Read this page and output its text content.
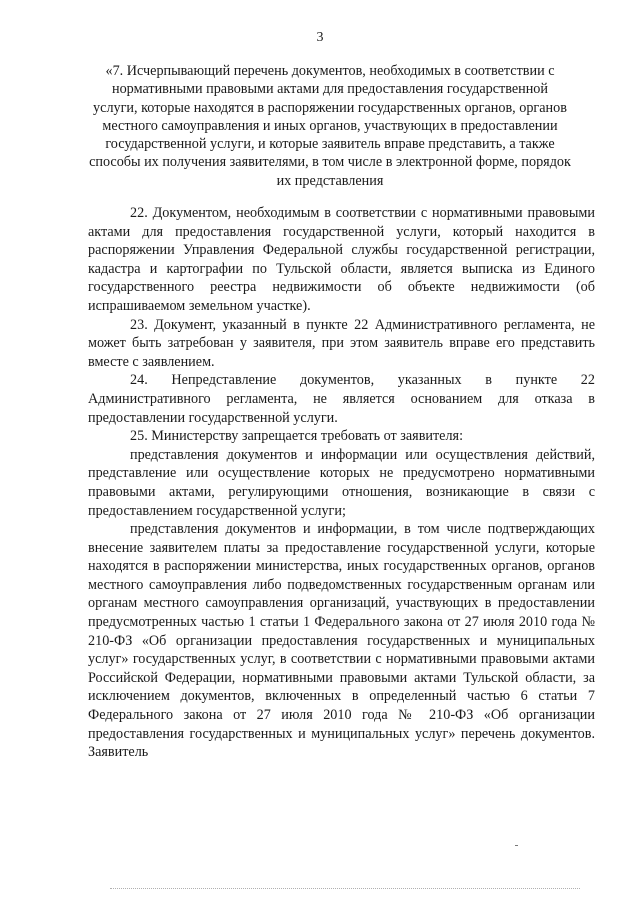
3

«7. Исчерпывающий перечень документов, необходимых в соответствии с нормативными правовыми актами для предоставления государственной услуги, которые находятся в распоряжении государственных органов, органов местного самоуправления и иных органов, участвующих в предоставлении государственной услуги, и которые заявитель вправе представить, а также способы их получения заявителями, в том числе в электронной форме, порядок их представления

22. Документом, необходимым в соответствии с нормативными правовыми актами для предоставления государственной услуги, который находится в распоряжении Управления Федеральной службы государственной регистрации, кадастра и картографии по Тульской области, является выписка из Единого государственного реестра недвижимости об объекте недвижимости (об испрашиваемом земельном участке).

23. Документ, указанный в пункте 22 Административного регламента, не может быть затребован у заявителя, при этом заявитель вправе его представить вместе с заявлением.

24. Непредставление документов, указанных в пункте 22 Административного регламента, не является основанием для отказа в предоставлении государственной услуги.

25. Министерству запрещается требовать от заявителя:

представления документов и информации или осуществления действий, представление или осуществление которых не предусмотрено нормативными правовыми актами, регулирующими отношения, возникающие в связи с предоставлением государственной услуги;

представления документов и информации, в том числе подтверждающих внесение заявителем платы за предоставление государственной услуги, которые находятся в распоряжении министерства, иных государственных органов, органов местного самоуправления либо подведомственных государственным органам или органам местного самоуправления организаций, участвующих в предоставлении предусмотренных частью 1 статьи 1 Федерального закона от 27 июля 2010 года № 210-ФЗ «Об организации предоставления государственных и муниципальных услуг» государственных услуг, в соответствии с нормативными правовыми актами Российской Федерации, нормативными правовыми актами Тульской области, за исключением документов, включенных в определенный частью 6 статьи 7 Федерального закона от 27 июля 2010 года № 210-ФЗ «Об организации предоставления государственных и муниципальных услуг» перечень документов. Заявитель
